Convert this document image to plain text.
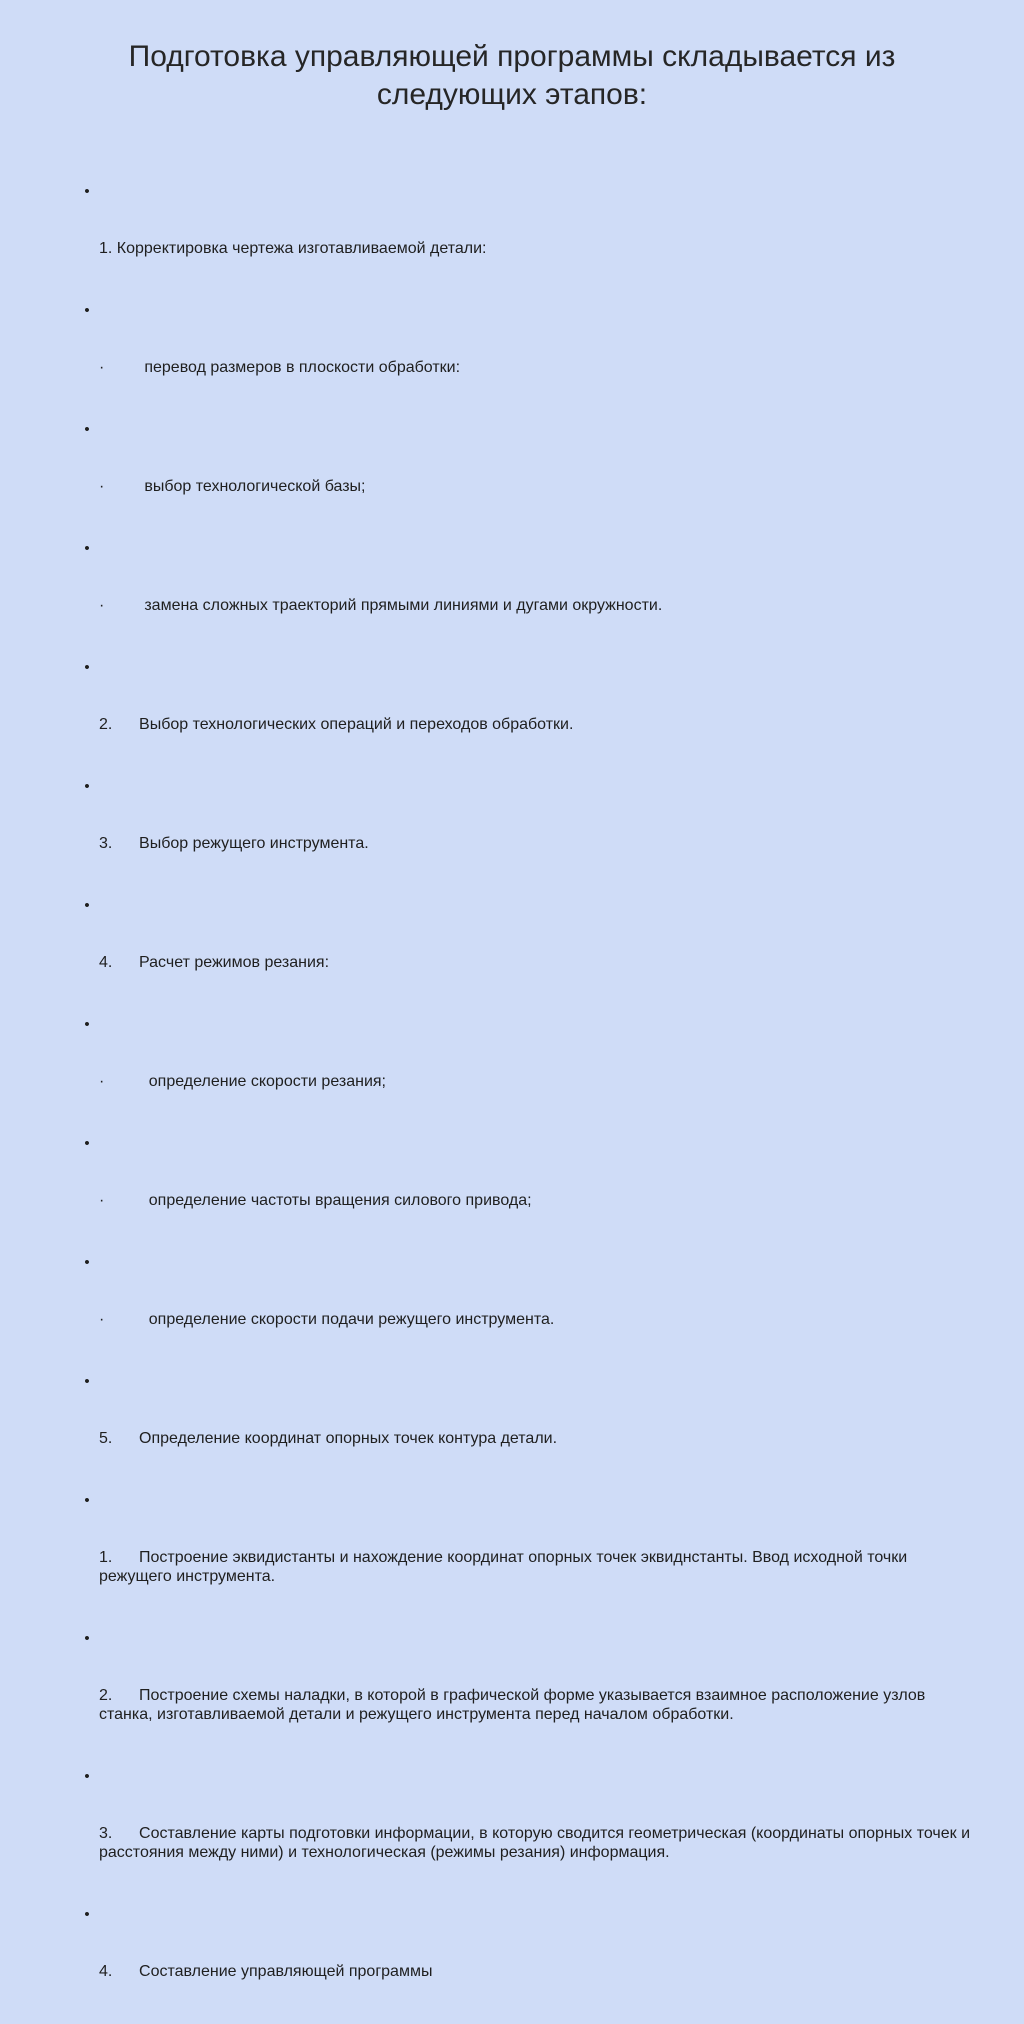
Подготовка управляющей программы складывается из следующих этапов:

•

1. Корректировка чертежа изготавливаемой детали:

•

·         перевод размеров в плоскости обработки:

•

·         выбор технологической базы;

•

·         замена сложных траекторий прямыми линиями и дугами окружности.

•

2.      Выбор технологических операций и переходов обработки.

•

3.      Выбор режущего инструмента.

•

4.      Расчет режимов резания:

•

·          определение скорости резания;

•

·          определение частоты вращения силового привода;

•

·          определение скорости подачи режущего инструмента.

•

5.      Определение координат опорных точек контура детали.

•

1.      Построение эквидистанты и нахождение координат опорных точек эквиднстанты. Ввод исходной точки режущего инструмента.

•

2.      Построение схемы наладки, в которой в графической форме указывается взаимное расположение узлов станка, изготавливаемой детали и режущего инструмента перед началом обработки.

•

3.      Составление карты подготовки информации, в которую сводится геометрическая (координаты опорных точек и расстояния между ними) и технологическая (режимы резания) информация.

•

4.      Составление управляющей программы
